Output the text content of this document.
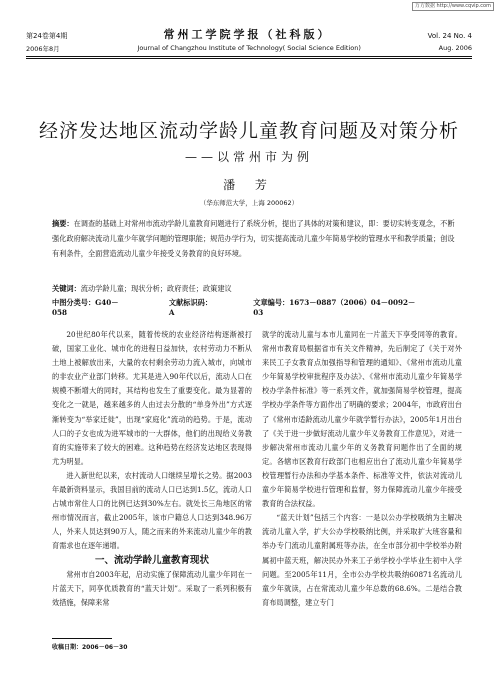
万方数据 http://www.cqvip.com
第24卷第4期	常州工学院学报（社科版）	Vol. 24 No. 4
2006年8月	Journal of Changzhou Institute of Technology( Social Science Edition)	Aug. 2006
经济发达地区流动学龄儿童教育问题及对策分析
——以常州市为例
潘 芳
（华东师范大学，上海 200062）
摘要：在调查的基础上对常州市流动学龄儿童教育问题进行了系统分析，提出了具体的对策和建议，即：要切实转变观念，不断强化政府解决流动儿童少年就学问题的管理职能；规范办学行为，切实提高流动儿童少年简易学校的管理水平和教学质量；创设有利条件，全面营造流动儿童少年接受义务教育的良好环境。
关键词：流动学龄儿童；现状分析；政府责任；政策建议
中图分类号：G40－058
文献标识码：A
文章编号：1673－0887（2006）04－0092－03

20世纪80年代以来，随着传统的农业经济结构逐渐被打破，国家工业化、城市化的进程日益加快，农村劳动力不断从土地上被解放出来，大量的农村剩余劳动力流入城市，向城市的非农业产业部门转移。尤其是进入90年代以后，流动人口在规模不断增大的同时，其结构也发生了重要变化。最为显著的变化之一就是，越来越多的人由过去分散的“单身外出”方式逐渐转变为“举家迁徙”，出现“家庭化”流动的趋势。于是，流动人口的子女也成为进军城市的一大群体，他们的出现给义务教育的实施带来了较大的困难。这种趋势在经济发达地区表现得尤为明显。

进入新世纪以来，农村流动人口继续呈增长之势。据2003年最新资料显示，我国目前的流动人口已达到1.5亿，流动人口占城市常住人口的比例已达到30%左右。就处长三角地区的常州市情况而言，截止2005年，该市户籍总人口达到348.96万人，外来人员达到90万人，随之而来的外来流动儿童少年的教育需求也在逐年递增。

一、流动学龄儿童教育现状

常州市自2003年起，启动实施了保障流动儿童少年同在一片蓝天下，同享优质教育的“蓝天计划”。采取了一系列积极有效措施，保障来常

就学的流动儿童与本市儿童同在一片蓝天下享受同等的教育。常州市教育局根据省市有关文件精神，先后制定了《关于对外来民工子女教育点加强指导和管理的通知》、《常州市流动儿童少年简易学校审批程序及办法》、《常州市流动儿童少年简易学校办学条件标准》等一系列文件，就加强简易学校管理，提高学校办学条件等方面作出了明确的要求；2004年，市政府出台了《常州市适龄流动儿童少年就学暂行办法》，2005年1月出台了《关于进一步做好流动儿童少年义务教育工作意见》，对进一步解决常州市流动儿童少年的义务教育问题作出了全面的规定。各辖市区教育行政部门也相应出台了流动儿童少年简易学校管理暂行办法和办学基本条件、标准等文件，依法对流动儿童少年简易学校进行管理和监督，努力保障流动儿童少年接受教育的合法权益。

“蓝天计划”包括三个内容：一是以公办学校吸纳为主解决流动儿童入学，扩大公办学校吸纳比例，并采取扩大班容量和举办专门流动儿童附属班等办法，在全市部分初中学校举办附属初中蓝天班，解决民办外来工子弟学校小学毕业生初中入学问题。至2005年11月，全市公办学校共吸纳60871名流动儿童少年就读，占在常流动儿童少年总数的68.6%。二是结合教育布局调整，建立专门

收稿日期：2006－06－30
